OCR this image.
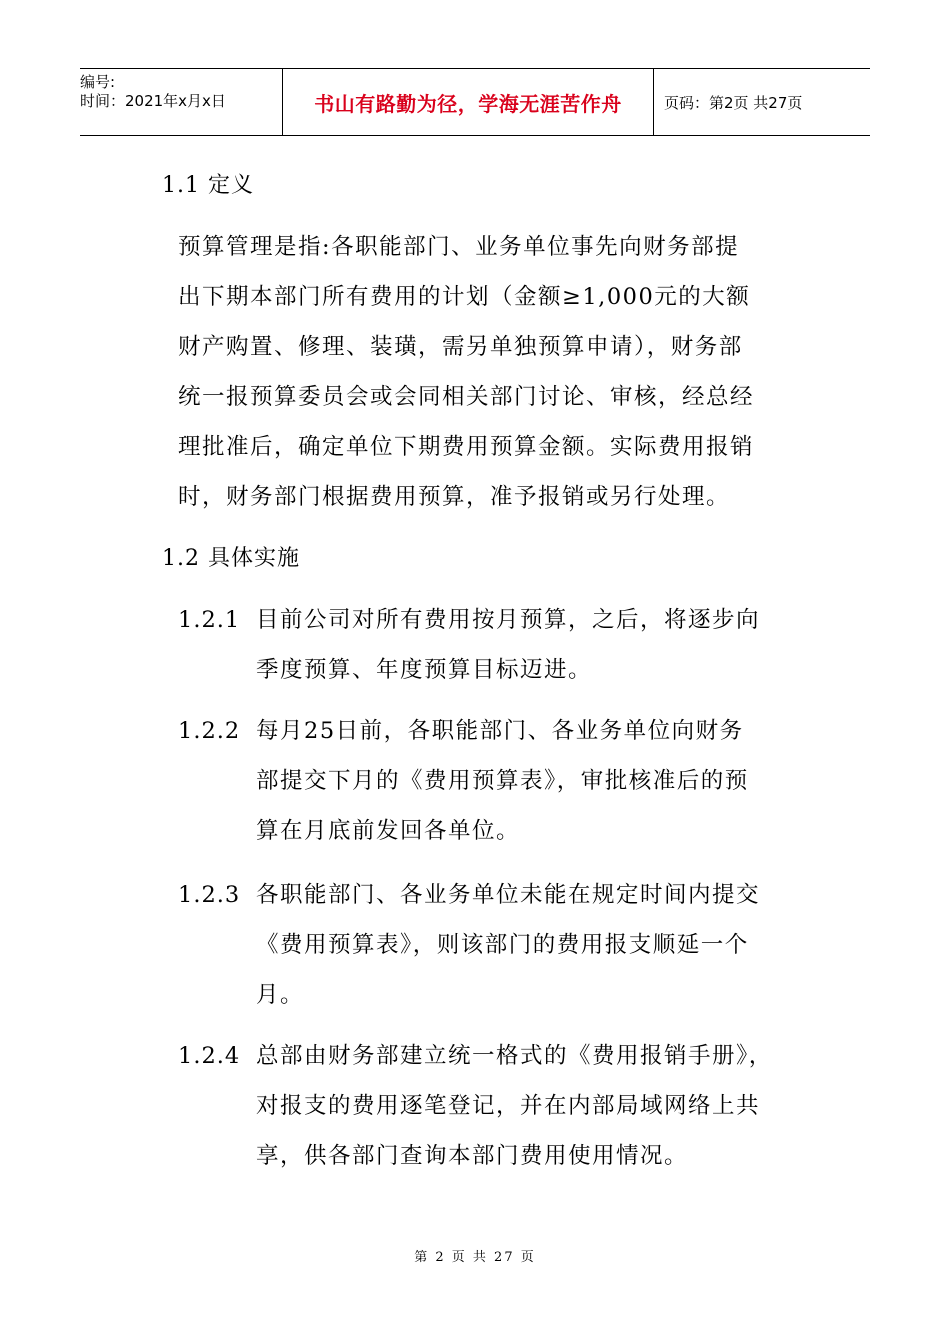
编号:
时间：2021年x月x日	书山有路勤为径，学海无涯苦作舟	页码：第2页 共27页
1.1 定义
预算管理是指:各职能部门、业务单位事先向财务部提
出下期本部门所有费用的计划（金额≥1,000元的大额
财产购置、修理、装璜，需另单独预算申请），财务部
统一报预算委员会或会同相关部门讨论、审核，经总经
理批准后，确定单位下期费用预算金额。实际费用报销
时，财务部门根据费用预算，准予报销或另行处理。
1.2 具体实施
1.2.1 目前公司对所有费用按月预算，之后，将逐步向
季度预算、年度预算目标迈进。
1.2.2 每月25日前，各职能部门、各业务单位向财务
部提交下月的《费用预算表》，审批核准后的预
算在月底前发回各单位。
1.2.3 各职能部门、各业务单位未能在规定时间内提交
《费用预算表》，则该部门的费用报支顺延一个
月。
1.2.4 总部由财务部建立统一格式的《费用报销手册》，
对报支的费用逐笔登记，并在内部局域网络上共
享，供各部门查询本部门费用使用情况。
第 2 页 共 27 页
